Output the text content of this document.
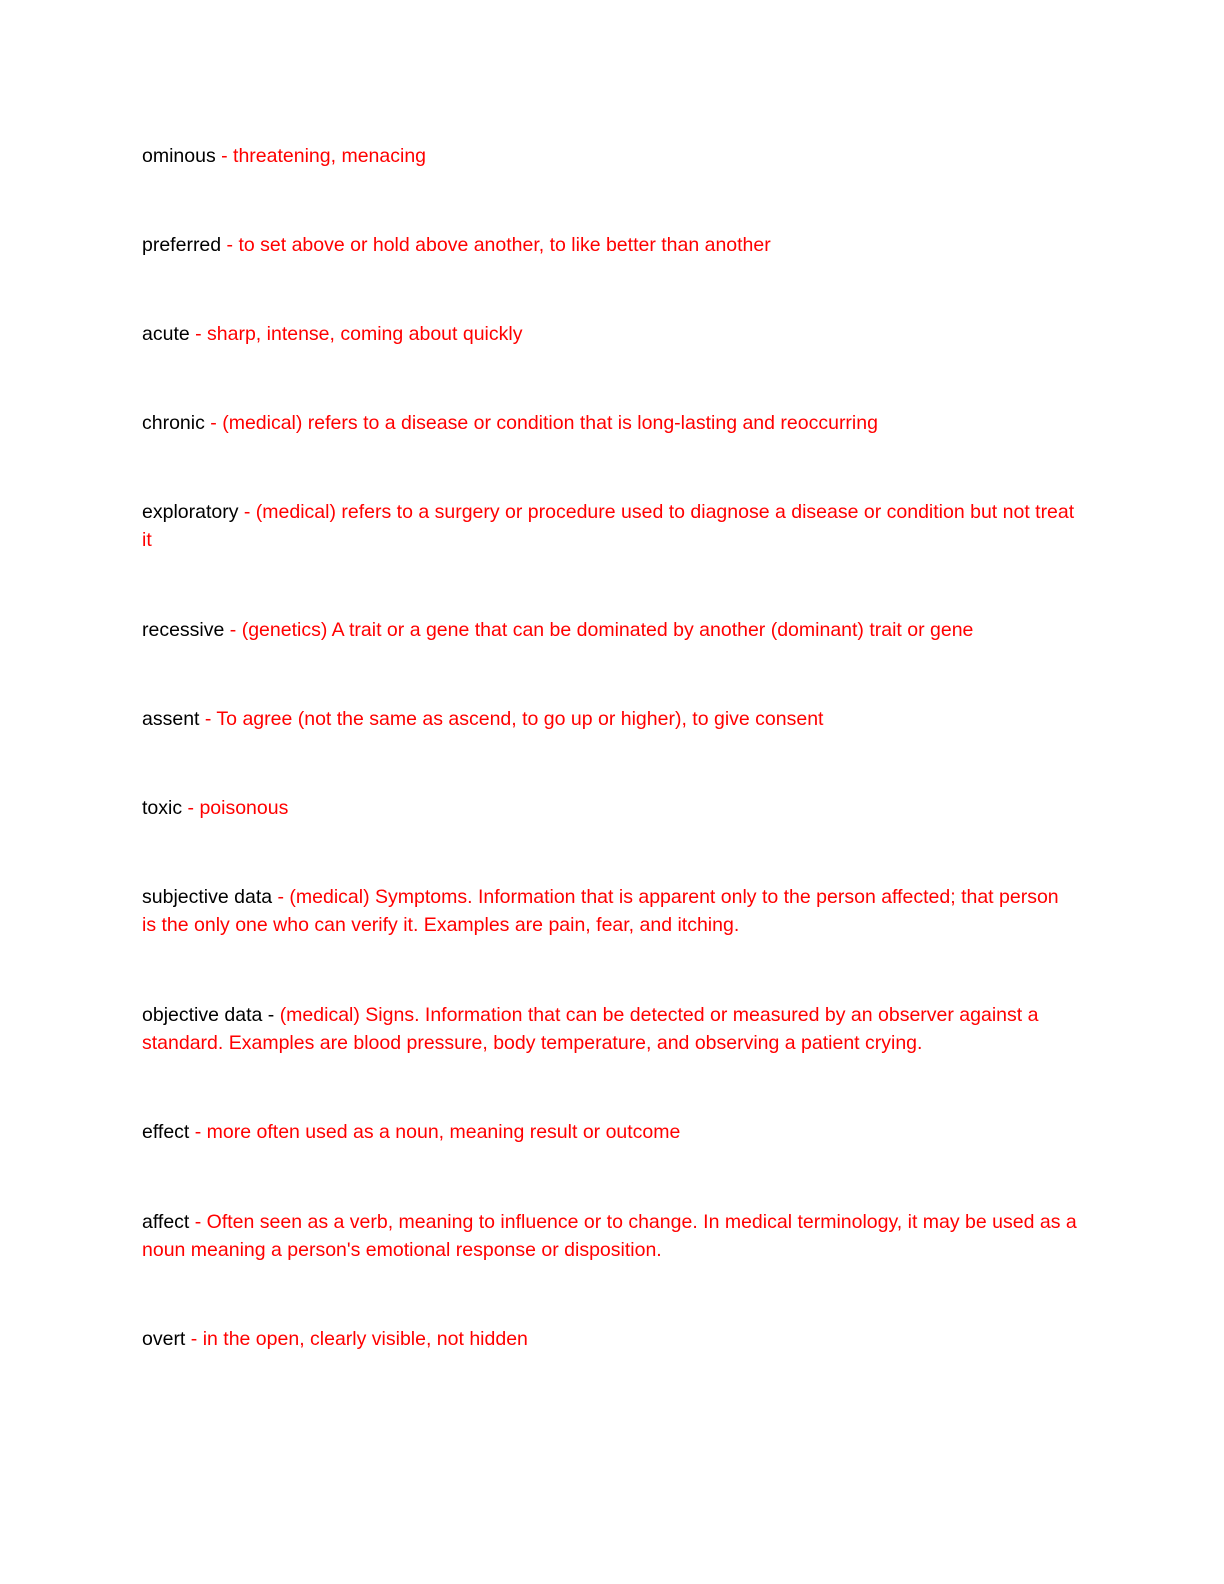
ominous - threatening, menacing
preferred - to set above or hold above another, to like better than another
acute - sharp, intense, coming about quickly
chronic - (medical) refers to a disease or condition that is long-lasting and reoccurring
exploratory - (medical) refers to a surgery or procedure used to diagnose a disease or condition but not treat it
recessive - (genetics) A trait or a gene that can be dominated by another (dominant) trait or gene
assent - To agree (not the same as ascend, to go up or higher), to give consent
toxic - poisonous
subjective data - (medical) Symptoms. Information that is apparent only to the person affected; that person is the only one who can verify it. Examples are pain, fear, and itching.
objective data - (medical) Signs. Information that can be detected or measured by an observer against a standard. Examples are blood pressure, body temperature, and observing a patient crying.
effect - more often used as a noun, meaning result or outcome
affect - Often seen as a verb, meaning to influence or to change. In medical terminology, it may be used as a noun meaning a person's emotional response or disposition.
overt - in the open, clearly visible, not hidden
